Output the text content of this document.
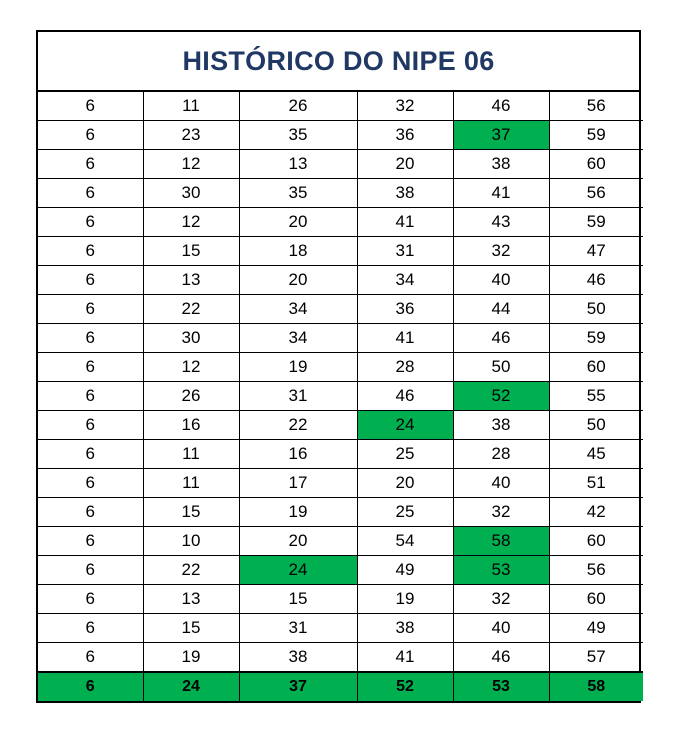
HISTÓRICO DO NIPE 06
6	11	26	32	46	56
6	23	35	36	37	59
6	12	13	20	38	60
6	30	35	38	41	56
6	12	20	41	43	59
6	15	18	31	32	47
6	13	20	34	40	46
6	22	34	36	44	50
6	30	34	41	46	59
6	12	19	28	50	60
6	26	31	46	52	55
6	16	22	24	38	50
6	11	16	25	28	45
6	11	17	20	40	51
6	15	19	25	32	42
6	10	20	54	58	60
6	22	24	49	53	56
6	13	15	19	32	60
6	15	31	38	40	49
6	19	38	41	46	57
6	24	37	52	53	58
